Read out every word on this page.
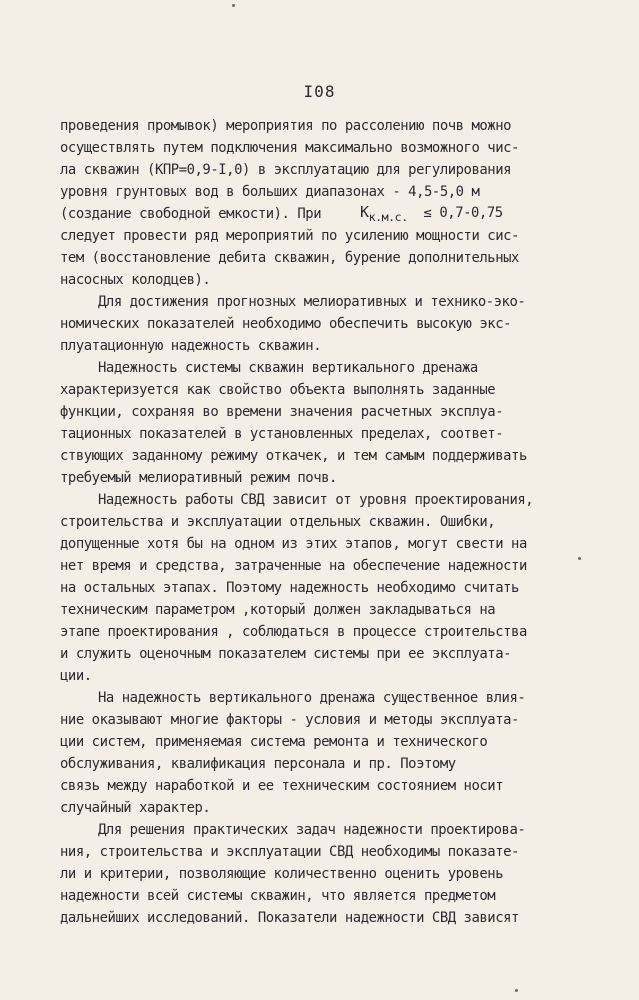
I08

проведения промывок) мероприятия по рассолению почв можно

осуществлять путем подключения максимально возможного чис-

ла скважин (КПР=0,9-I,0) в эксплуатацию для регулирования

уровня грунтовых вод в больших диапазонах - 4,5-5,0 м

(создание свободной емкости). При	$K_{к.м.с.} \le 0,7-0,75$

следует провести ряд мероприятий по усилению мощности сис-

тем (восстановление дебита скважин, бурение дополнительных

насосных колодцев).

Для достижения прогнозных мелиоративных и технико-эко-

номических показателей необходимо обеспечить высокую экс-

плуатационную надежность скважин.

Надежность системы скважин вертикального дренажа

характеризуется как свойство объекта выполнять заданные

функции, сохраняя во времени значения расчетных эксплуа-

тационных показателей в установленных пределах, соответ-

ствующих заданному режиму откачек, и тем самым поддерживать

требуемый мелиоративный режим почв.

Надежность работы СВД зависит от уровня проектирования,

строительства и эксплуатации отдельных скважин. Ошибки,

допущенные хотя бы на одном из этих этапов, могут свести на

нет время и средства, затраченные на обеспечение надежности

на остальных этапах. Поэтому надежность необходимо считать

техническим параметром ,который должен закладываться на

этапе проектирования , соблюдаться в процессе строительства

и служить оценочным показателем системы при ее эксплуата-

ции.

На надежность вертикального дренажа существенное влия-

ние оказывают многие факторы - условия и методы эксплуата-

ции систем, применяемая система ремонта и технического

обслуживания, квалификация персонала и пр. Поэтому

связь между наработкой и ее техническим состоянием носит

случайный характер.

Для решения практических задач надежности проектирова-

ния, строительства и эксплуатации СВД необходимы показате-

ли и критерии, позволяющие количественно оценить уровень

надежности всей системы скважин, что является предметом

дальнейших исследований. Показатели надежности СВД зависят
